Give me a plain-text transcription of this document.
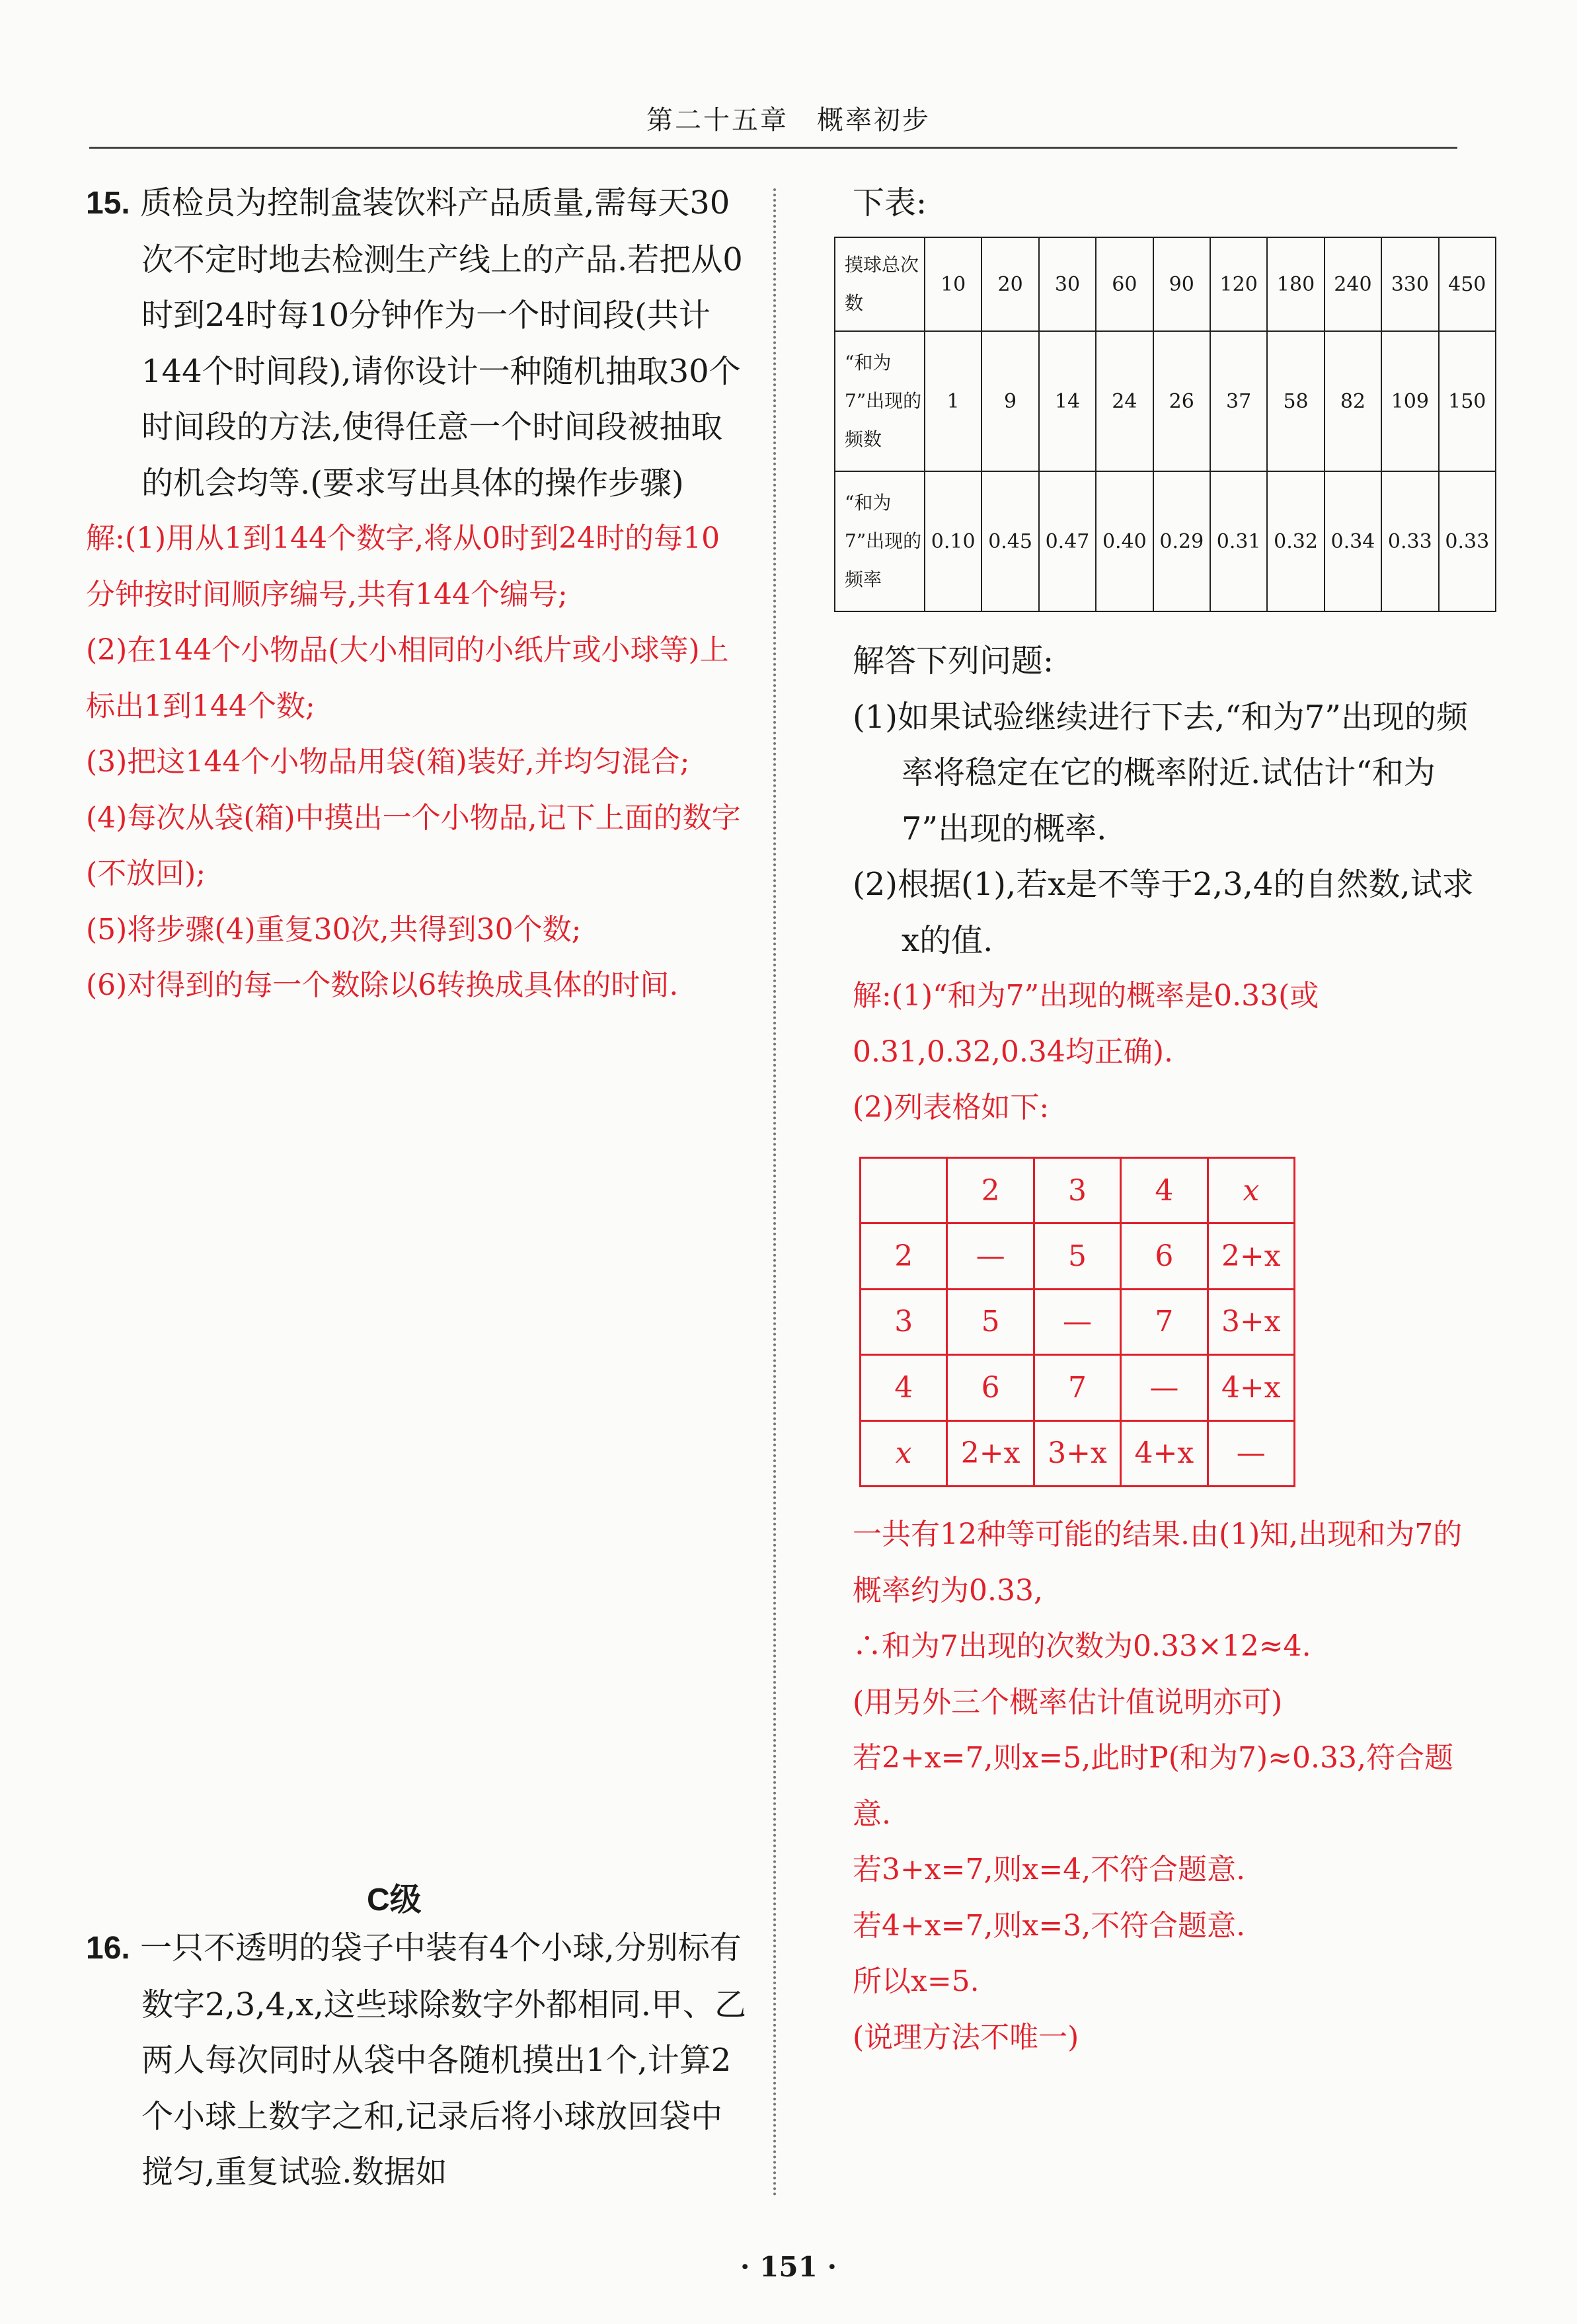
第二十五章　概率初步

15. 质检员为控制盒装饮料产品质量,需每天30次不定时地去检测生产线上的产品.若把从0时到24时每10分钟作为一个时间段(共计144个时间段),请你设计一种随机抽取30个时间段的方法,使得任意一个时间段被抽取的机会均等.(要求写出具体的操作步骤)

解:(1)用从1到144个数字,将从0时到24时的每10分钟按时间顺序编号,共有144个编号;

(2)在144个小物品(大小相同的小纸片或小球等)上标出1到144个数;

(3)把这144个小物品用袋(箱)装好,并均匀混合;

(4)每次从袋(箱)中摸出一个小物品,记下上面的数字(不放回);

(5)将步骤(4)重复30次,共得到30个数;

(6)对得到的每一个数除以6转换成具体的时间.

C级

16. 一只不透明的袋子中装有4个小球,分别标有数字2,3,4,x,这些球除数字外都相同.甲、乙两人每次同时从袋中各随机摸出1个,计算2个小球上数字之和,记录后将小球放回袋中搅匀,重复试验.数据如

下表:

摸球总次数	10	20	30	60	90	120	180	240	330	450
“和为7”出现的频数	1	9	14	24	26	37	58	82	109	150
“和为7”出现的频率	0.10	0.45	0.47	0.40	0.29	0.31	0.32	0.34	0.33	0.33

解答下列问题:

(1)如果试验继续进行下去,“和为7”出现的频率将稳定在它的概率附近.试估计“和为7”出现的概率.

(2)根据(1),若x是不等于2,3,4的自然数,试求x的值.

解:(1)“和为7”出现的概率是0.33(或0.31,0.32,0.34均正确).

(2)列表格如下:

	2	3	4	x
2	—	5	6	2+x
3	5	—	7	3+x
4	6	7	—	4+x
x	2+x	3+x	4+x	—

一共有12种等可能的结果.由(1)知,出现和为7的概率约为0.33,

∴和为7出现的次数为0.33×12≈4.

(用另外三个概率估计值说明亦可)

若2+x=7,则x=5,此时P(和为7)≈0.33,符合题意.

若3+x=7,则x=4,不符合题意.

若4+x=7,则x=3,不符合题意.

所以x=5.

(说理方法不唯一)

· 151 ·
